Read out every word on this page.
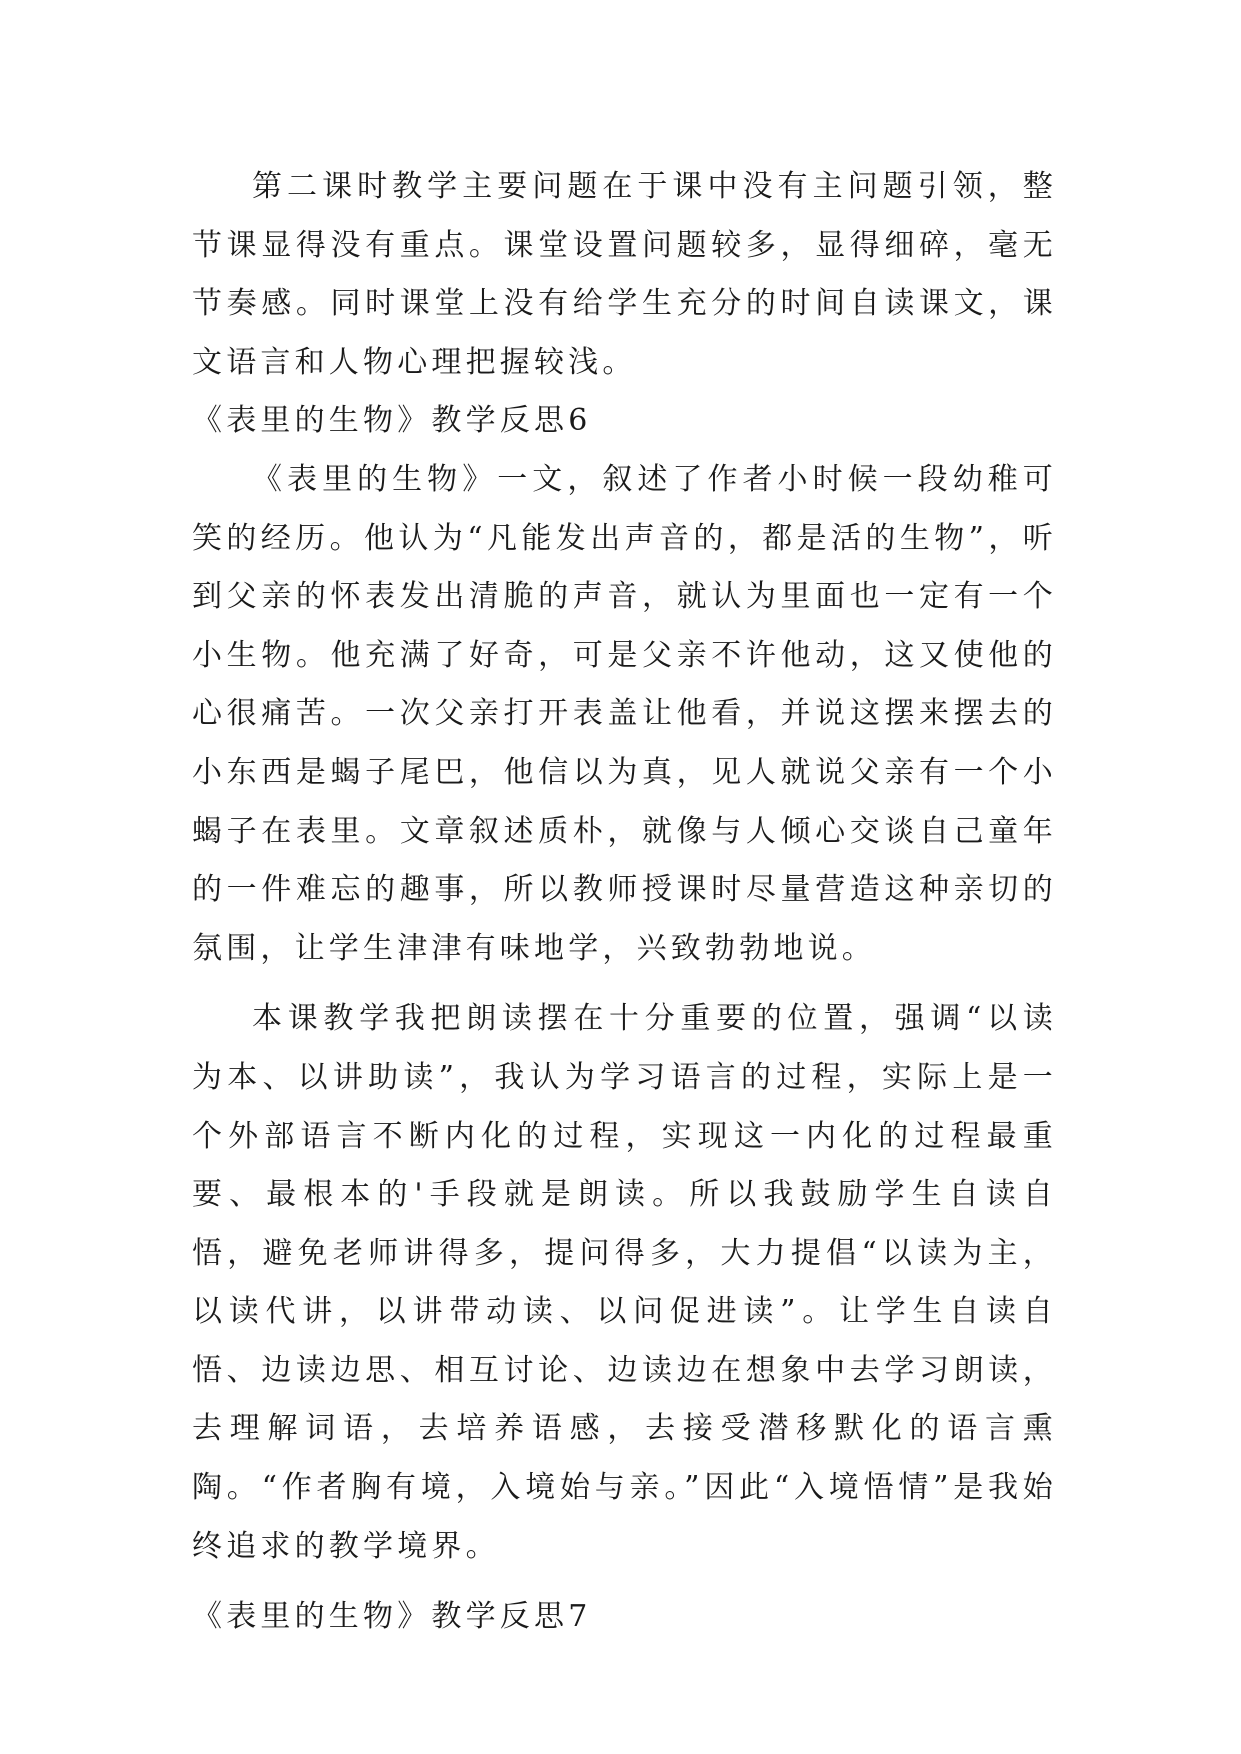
第二课时教学主要问题在于课中没有主问题引领，整节课显得没有重点。课堂设置问题较多，显得细碎，毫无节奏感。同时课堂上没有给学生充分的时间自读课文，课文语言和人物心理把握较浅。

《表里的生物》教学反思6

《表里的生物》一文，叙述了作者小时候一段幼稚可笑的经历。他认为“凡能发出声音的，都是活的生物”，听到父亲的怀表发出清脆的声音，就认为里面也一定有一个小生物。他充满了好奇，可是父亲不许他动，这又使他的心很痛苦。一次父亲打开表盖让他看，并说这摆来摆去的小东西是蝎子尾巴，他信以为真，见人就说父亲有一个小蝎子在表里。文章叙述质朴，就像与人倾心交谈自己童年的一件难忘的趣事，所以教师授课时尽量营造这种亲切的氛围，让学生津津有味地学，兴致勃勃地说。

本课教学我把朗读摆在十分重要的位置，强调“以读为本、以讲助读”，我认为学习语言的过程，实际上是一个外部语言不断内化的过程，实现这一内化的过程最重要、最根本的'手段就是朗读。所以我鼓励学生自读自悟，避免老师讲得多，提问得多，大力提倡“以读为主，以读代讲，以讲带动读、以问促进读”。让学生自读自悟、边读边思、相互讨论、边读边在想象中去学习朗读，去理解词语，去培养语感，去接受潜移默化的语言熏陶。“作者胸有境，入境始与亲。”因此“入境悟情”是我始终追求的教学境界。

《表里的生物》教学反思7
